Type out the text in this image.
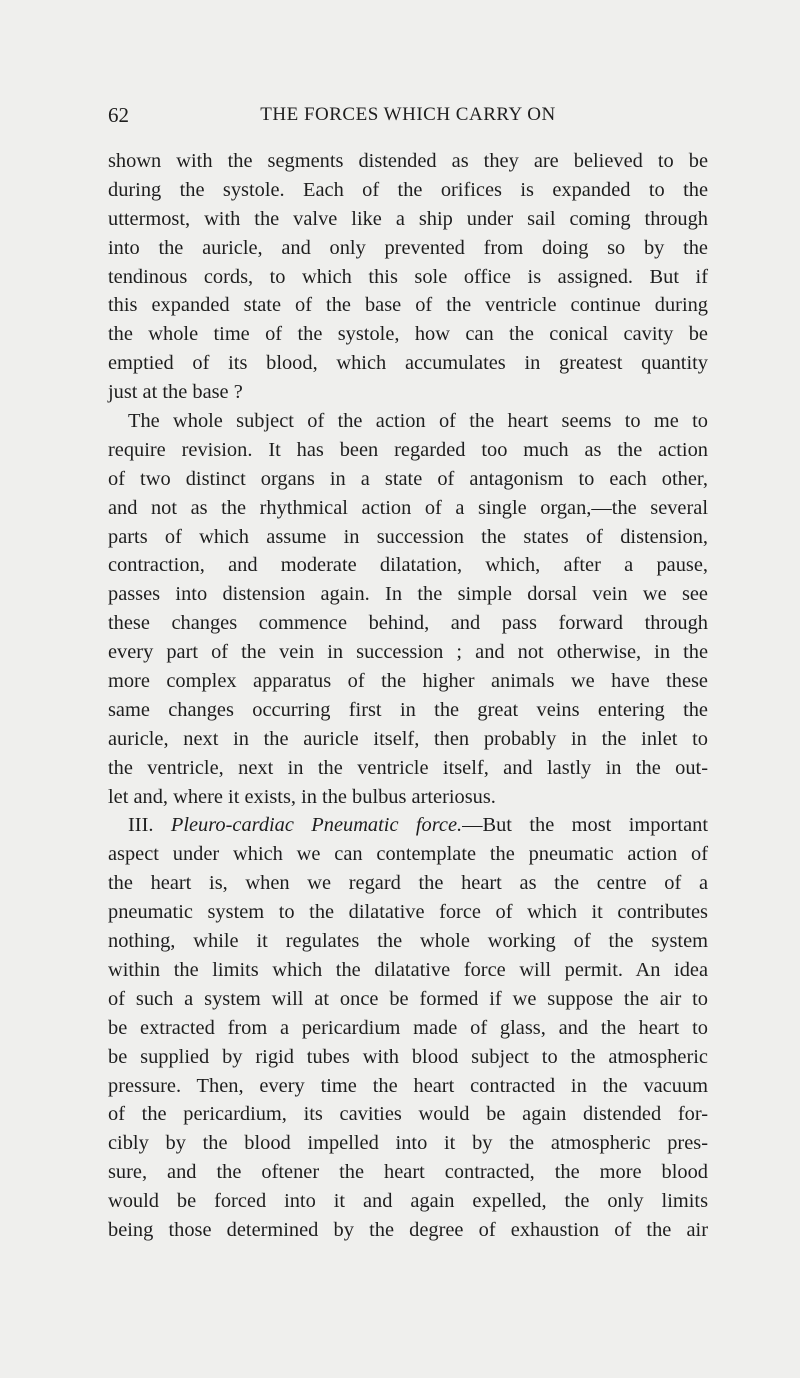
62	THE FORCES WHICH CARRY ON
shown with the segments distended as they are believed to be
during the systole. Each of the orifices is expanded to the
uttermost, with the valve like a ship under sail coming through
into the auricle, and only prevented from doing so by the
tendinous cords, to which this sole office is assigned. But if
this expanded state of the base of the ventricle continue during
the whole time of the systole, how can the conical cavity be
emptied of its blood, which accumulates in greatest quantity
just at the base ?
The whole subject of the action of the heart seems to me to
require revision. It has been regarded too much as the action
of two distinct organs in a state of antagonism to each other,
and not as the rhythmical action of a single organ,—the several
parts of which assume in succession the states of distension,
contraction, and moderate dilatation, which, after a pause,
passes into distension again. In the simple dorsal vein we see
these changes commence behind, and pass forward through
every part of the vein in succession ; and not otherwise, in the
more complex apparatus of the higher animals we have these
same changes occurring first in the great veins entering the
auricle, next in the auricle itself, then probably in the inlet to
the ventricle, next in the ventricle itself, and lastly in the out-
let and, where it exists, in the bulbus arteriosus.
III. Pleuro-cardiac Pneumatic force.—But the most important
aspect under which we can contemplate the pneumatic action of
the heart is, when we regard the heart as the centre of a
pneumatic system to the dilatative force of which it contributes
nothing, while it regulates the whole working of the system
within the limits which the dilatative force will permit. An idea
of such a system will at once be formed if we suppose the air to
be extracted from a pericardium made of glass, and the heart to
be supplied by rigid tubes with blood subject to the atmospheric
pressure. Then, every time the heart contracted in the vacuum
of the pericardium, its cavities would be again distended for-
cibly by the blood impelled into it by the atmospheric pres-
sure, and the oftener the heart contracted, the more blood
would be forced into it and again expelled, the only limits
being those determined by the degree of exhaustion of the air
